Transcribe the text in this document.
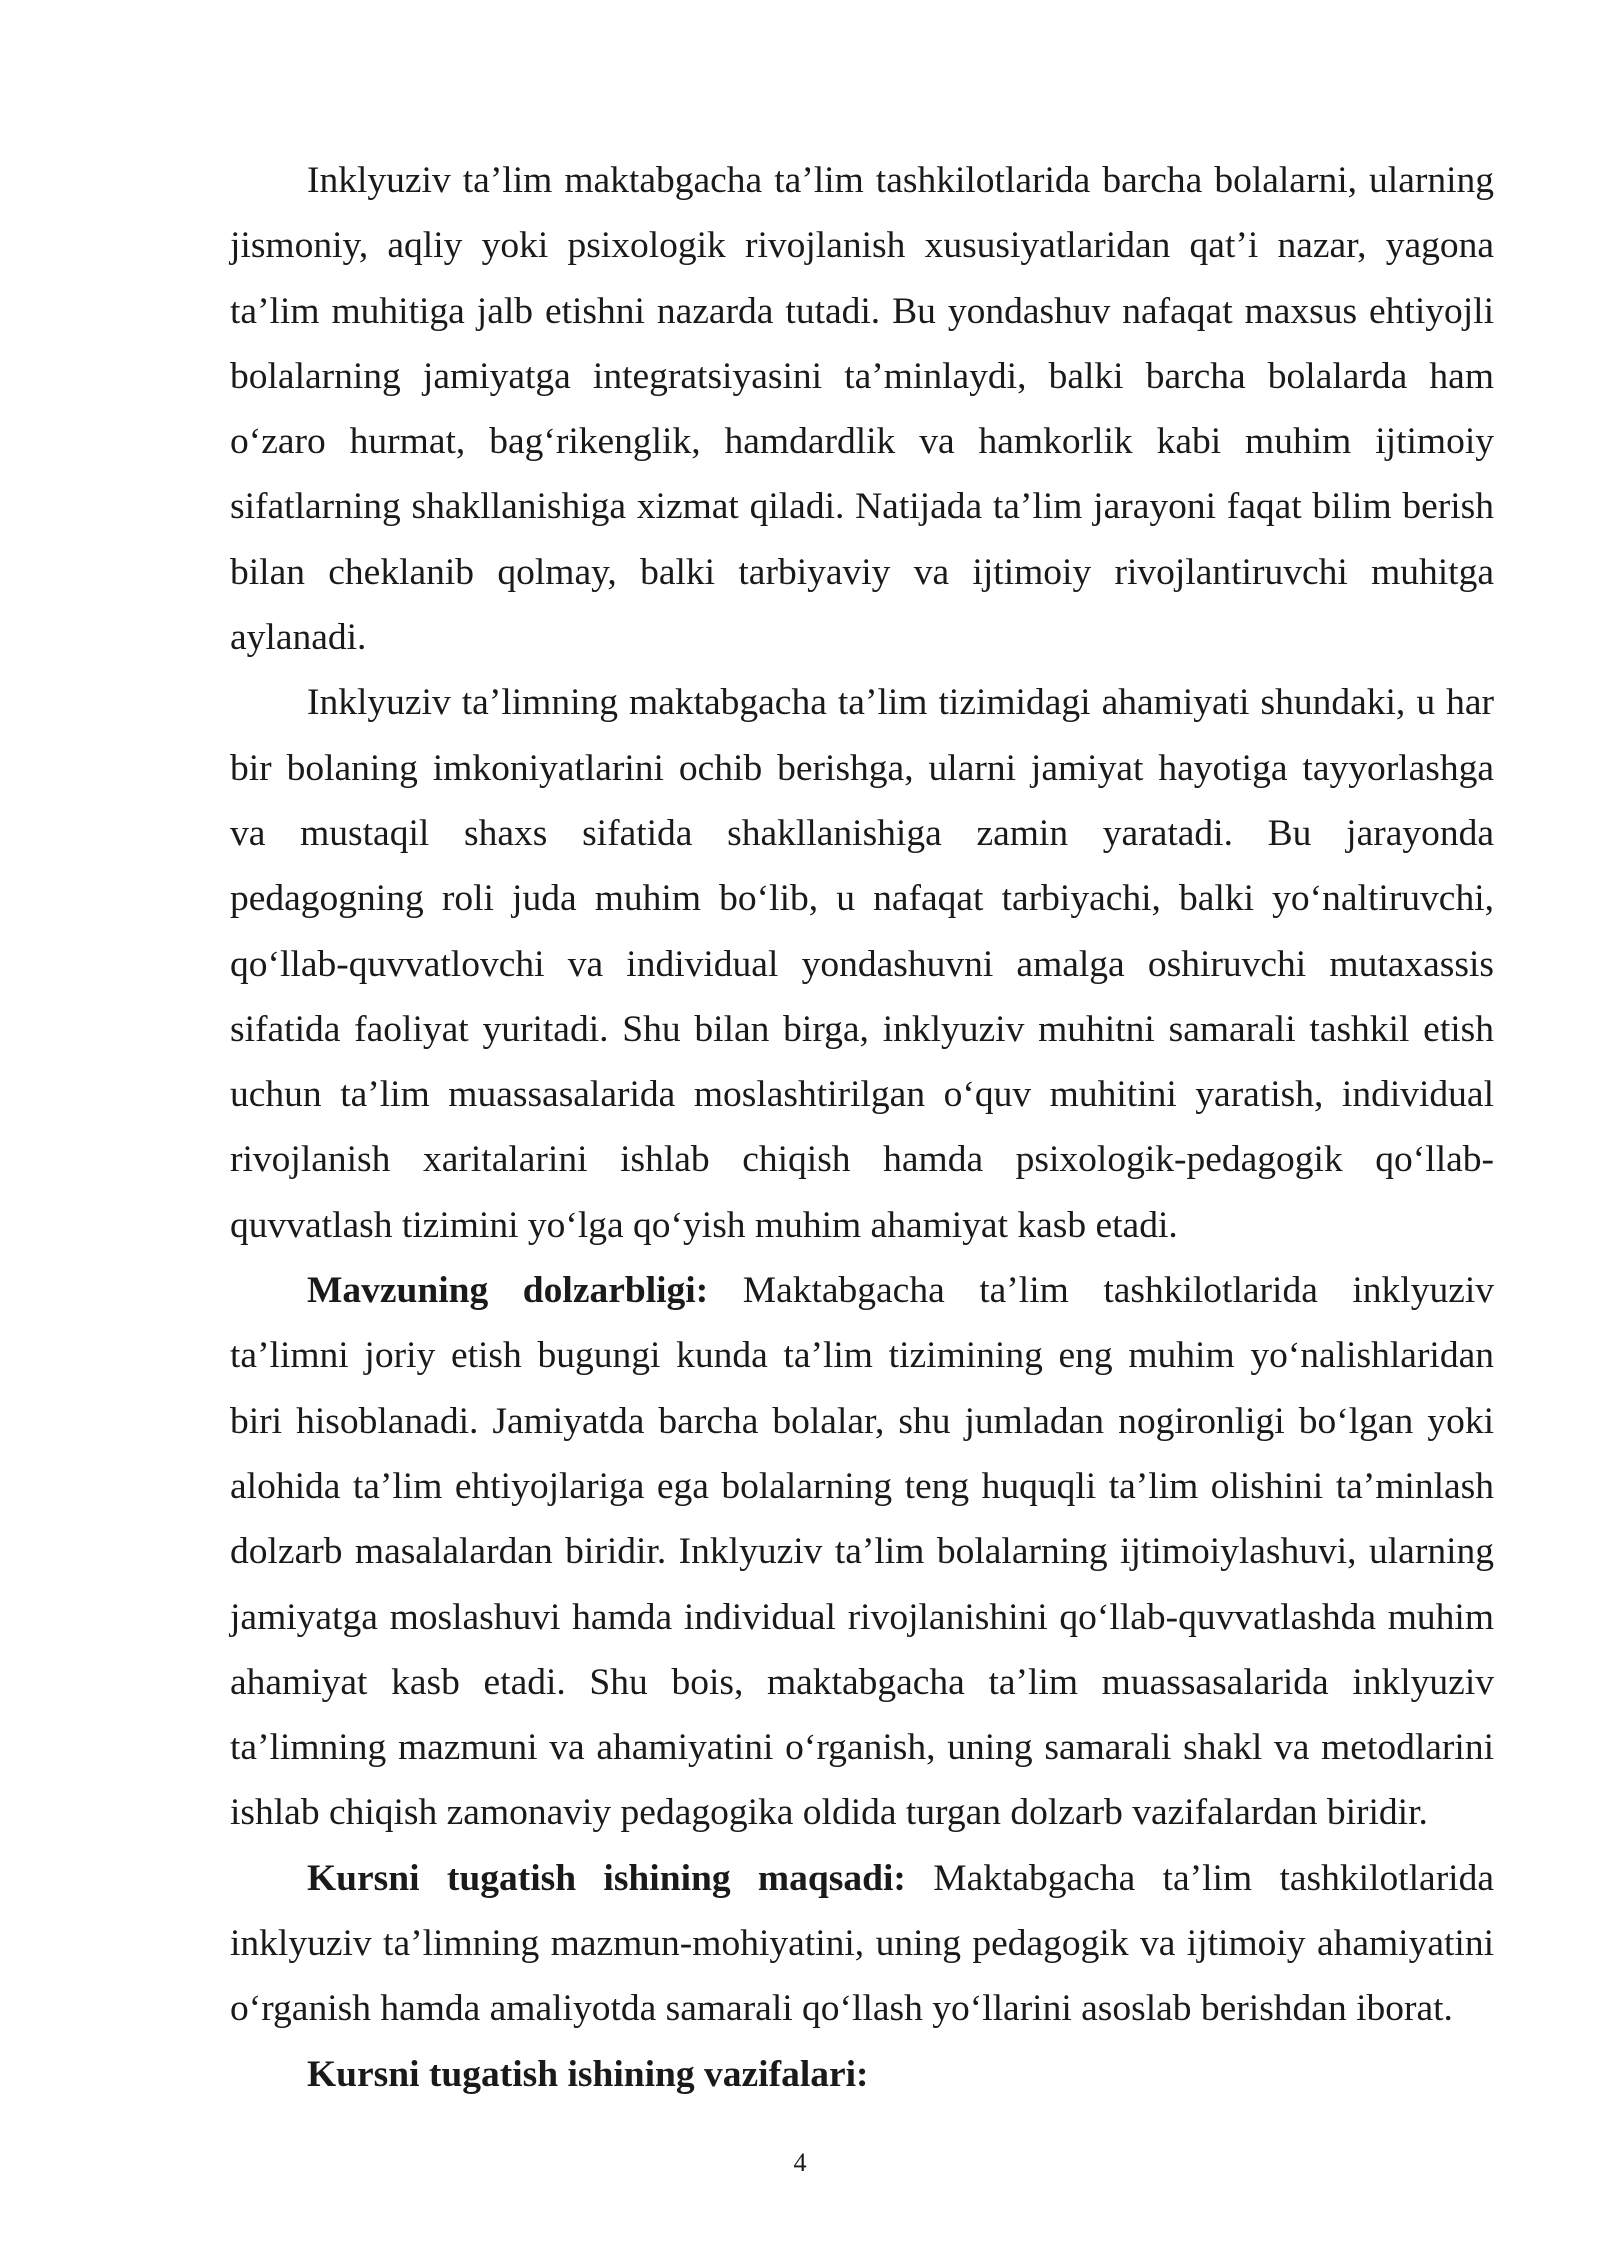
Inklyuziv ta’lim maktabgacha ta’lim tashkilotlarida barcha bolalarni, ularning jismoniy, aqliy yoki psixologik rivojlanish xususiyatlaridan qat’i nazar, yagona ta’lim muhitiga jalb etishni nazarda tutadi. Bu yondashuv nafaqat maxsus ehtiyojli bolalarning jamiyatga integratsiyasini ta’minlaydi, balki barcha bolalarda ham o‘zaro hurmat, bag‘rikenglik, hamdardlik va hamkorlik kabi muhim ijtimoiy sifatlarning shakllanishiga xizmat qiladi. Natijada ta’lim jarayoni faqat bilim berish bilan cheklanib qolmay, balki tarbiyaviy va ijtimoiy rivojlantiruvchi muhitga aylanadi.

Inklyuziv ta’limning maktabgacha ta’lim tizimidagi ahamiyati shundaki, u har bir bolaning imkoniyatlarini ochib berishga, ularni jamiyat hayotiga tayyorlashga va mustaqil shaxs sifatida shakllanishiga zamin yaratadi. Bu jarayonda pedagogning roli juda muhim bo‘lib, u nafaqat tarbiyachi, balki yo‘naltiruvchi, qo‘llab-quvvatlovchi va individual yondashuvni amalga oshiruvchi mutaxassis sifatida faoliyat yuritadi. Shu bilan birga, inklyuziv muhitni samarali tashkil etish uchun ta’lim muassasalarida moslashtirilgan o‘quv muhitini yaratish, individual rivojlanish xaritalarini ishlab chiqish hamda psixologik-pedagogik qo‘llab-quvvatlash tizimini yo‘lga qo‘yish muhim ahamiyat kasb etadi.

Mavzuning dolzarbligi: Maktabgacha ta’lim tashkilotlarida inklyuziv ta’limni joriy etish bugungi kunda ta’lim tizimining eng muhim yo‘nalishlaridan biri hisoblanadi. Jamiyatda barcha bolalar, shu jumladan nogironligi bo‘lgan yoki alohida ta’lim ehtiyojlariga ega bolalarning teng huquqli ta’lim olishini ta’minlash dolzarb masalalardan biridir. Inklyuziv ta’lim bolalarning ijtimoiylashuvi, ularning jamiyatga moslashuvi hamda individual rivojlanishini qo‘llab-quvvatlashda muhim ahamiyat kasb etadi. Shu bois, maktabgacha ta’lim muassasalarida inklyuziv ta’limning mazmuni va ahamiyatini o‘rganish, uning samarali shakl va metodlarini ishlab chiqish zamonaviy pedagogika oldida turgan dolzarb vazifalardan biridir.

Kursni tugatish ishining maqsadi: Maktabgacha ta’lim tashkilotlarida inklyuziv ta’limning mazmun-mohiyatini, uning pedagogik va ijtimoiy ahamiyatini o‘rganish hamda amaliyotda samarali qo‘llash yo‘llarini asoslab berishdan iborat.

Kursni tugatish ishining vazifalari:

4
